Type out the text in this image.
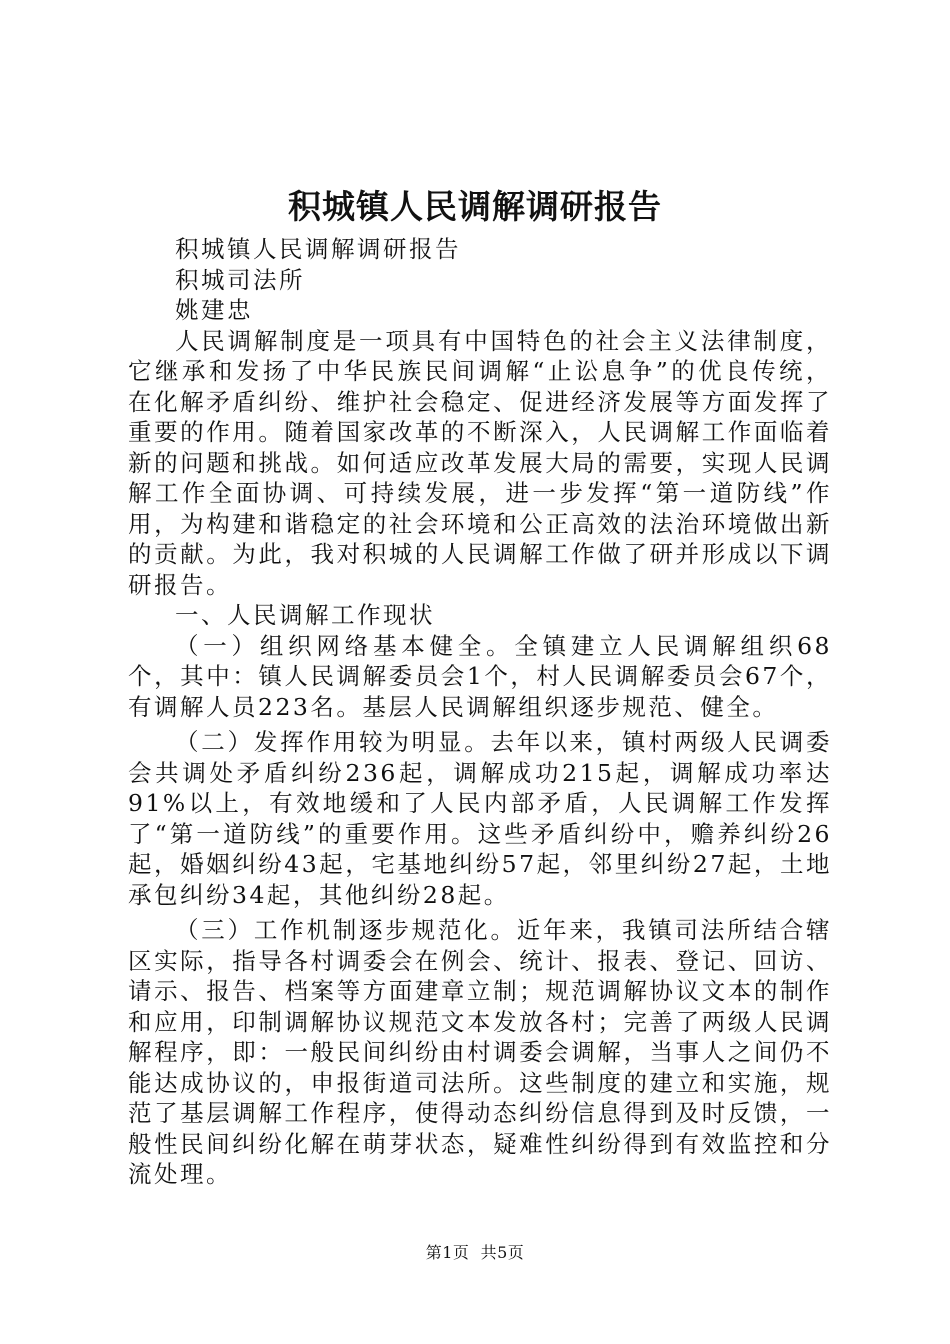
积城镇人民调解调研报告

积城镇人民调解调研报告

积城司法所

姚建忠

人民调解制度是一项具有中国特色的社会主义法律制度，它继承和发扬了中华民族民间调解“止讼息争”的优良传统，在化解矛盾纠纷、维护社会稳定、促进经济发展等方面发挥了重要的作用。随着国家改革的不断深入，人民调解工作面临着新的问题和挑战。如何适应改革发展大局的需要，实现人民调解工作全面协调、可持续发展，进一步发挥“第一道防线”作用，为构建和谐稳定的社会环境和公正高效的法治环境做出新的贡献。为此，我对积城的人民调解工作做了研并形成以下调研报告。

一、人民调解工作现状

（一）组织网络基本健全。全镇建立人民调解组织68个，其中：镇人民调解委员会1个，村人民调解委员会67个，有调解人员223名。基层人民调解组织逐步规范、健全。

（二）发挥作用较为明显。去年以来，镇村两级人民调委会共调处矛盾纠纷236起，调解成功215起，调解成功率达91%以上，有效地缓和了人民内部矛盾，人民调解工作发挥了“第一道防线”的重要作用。这些矛盾纠纷中，赡养纠纷26起，婚姻纠纷43起，宅基地纠纷57起，邻里纠纷27起，土地承包纠纷34起，其他纠纷28起。

（三）工作机制逐步规范化。近年来，我镇司法所结合辖区实际，指导各村调委会在例会、统计、报表、登记、回访、请示、报告、档案等方面建章立制；规范调解协议文本的制作和应用，印制调解协议规范文本发放各村；完善了两级人民调解程序，即：一般民间纠纷由村调委会调解，当事人之间仍不能达成协议的，申报街道司法所。这些制度的建立和实施，规范了基层调解工作程序，使得动态纠纷信息得到及时反馈，一般性民间纠纷化解在萌芽状态，疑难性纠纷得到有效监控和分流处理。

第1页 共5页
